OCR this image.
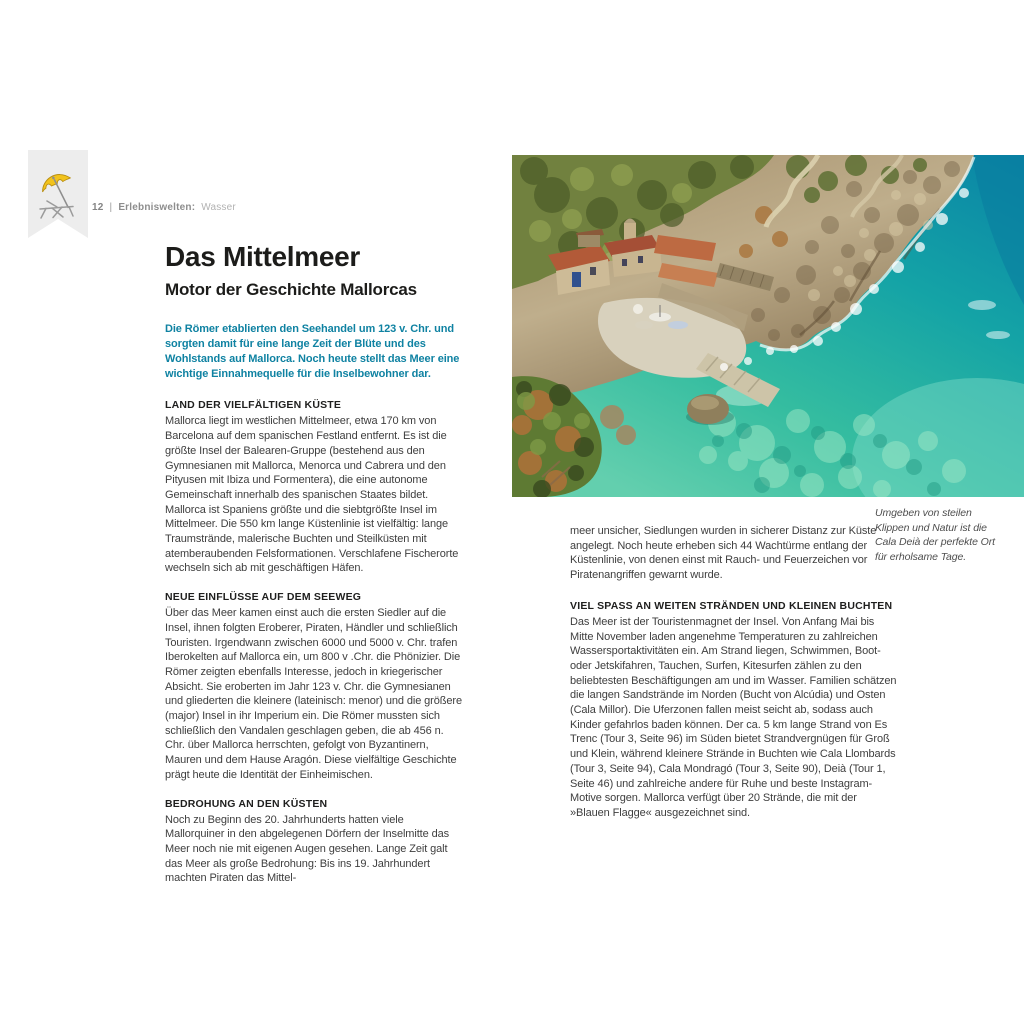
12 | Erlebniswelten: Wasser
Das Mittelmeer
Motor der Geschichte Mallorcas

Die Römer etablierten den Seehandel um 123 v. Chr. und sorgten damit für eine lange Zeit der Blüte und des Wohlstands auf Mallorca. Noch heute stellt das Meer eine wichtige Einnahmequelle für die Inselbewohner dar.

LAND DER VIELFÄLTIGEN KÜSTE

Mallorca liegt im westlichen Mittelmeer, etwa 170 km von Barcelona auf dem spanischen Festland entfernt. Es ist die größte Insel der Balearen-Gruppe (bestehend aus den Gymnesianen mit Mallorca, Menorca und Cabrera und den Pityusen mit Ibiza und Formentera), die eine autonome Gemeinschaft innerhalb des spanischen Staates bildet. Mallorca ist Spaniens größte und die siebtgrößte Insel im Mittelmeer. Die 550 km lange Küstenlinie ist vielfältig: lange Traumstrände, malerische Buchten und Steilküsten mit atemberaubenden Felsformationen. Verschlafene Fischerorte wechseln sich ab mit geschäftigen Häfen.

NEUE EINFLÜSSE AUF DEM SEEWEG

Über das Meer kamen einst auch die ersten Siedler auf die Insel, ihnen folgten Eroberer, Piraten, Händler und schließlich Touristen. Irgendwann zwischen 6000 und 5000 v. Chr. trafen Iberokelten auf Mallorca ein, um 800 v .Chr. die Phönizier. Die Römer zeigten ebenfalls Interesse, jedoch in kriegerischer Absicht. Sie eroberten im Jahr 123 v. Chr. die Gymnesianen und gliederten die kleinere (lateinisch: menor) und die größere (major) Insel in ihr Imperium ein. Die Römer mussten sich schließlich den Vandalen geschlagen geben, die ab 456 n. Chr. über Mallorca herrschten, gefolgt von Byzantinern, Mauren und dem Hause Aragón. Diese vielfältige Geschichte prägt heute die Identität der Einheimischen.

BEDROHUNG AN DEN KÜSTEN

Noch zu Beginn des 20. Jahrhunderts hatten viele Mallorquiner in den abgelegenen Dörfern der Inselmitte das Meer noch nie mit eigenen Augen gesehen. Lange Zeit galt das Meer als große Bedrohung: Bis ins 19. Jahrhundert machten Piraten das Mittel-

Umgeben von steilen Klippen und Natur ist die Cala Deià der perfekte Ort für erholsame Tage.

meer unsicher, Siedlungen wurden in sicherer Distanz zur Küste angelegt. Noch heute erheben sich 44 Wachtürme entlang der Küstenlinie, von denen einst mit Rauch- und Feuerzeichen vor Piratenangriffen gewarnt wurde.

VIEL SPASS AN WEITEN STRÄNDEN UND KLEINEN BUCHTEN

Das Meer ist der Touristenmagnet der Insel. Von Anfang Mai bis Mitte November laden angenehme Temperaturen zu zahlreichen Wassersportaktivitäten ein. Am Strand liegen, Schwimmen, Boot- oder Jetskifahren, Tauchen, Surfen, Kitesurfen zählen zu den beliebtesten Beschäftigungen am und im Wasser. Familien schätzen die langen Sandstrände im Norden (Bucht von Alcúdia) und Osten (Cala Millor). Die Uferzonen fallen meist seicht ab, sodass auch Kinder gefahrlos baden können. Der ca. 5 km lange Strand von Es Trenc (Tour 3, Seite 96) im Süden bietet Strandvergnügen für Groß und Klein, während kleinere Strände in Buchten wie Cala Llombards (Tour 3, Seite 94), Cala Mondragó (Tour 3, Seite 90), Deià (Tour 1, Seite 46) und zahlreiche andere für Ruhe und beste Instagram-Motive sorgen. Mallorca verfügt über 20 Strände, die mit der »Blauen Flagge« ausgezeichnet sind.
